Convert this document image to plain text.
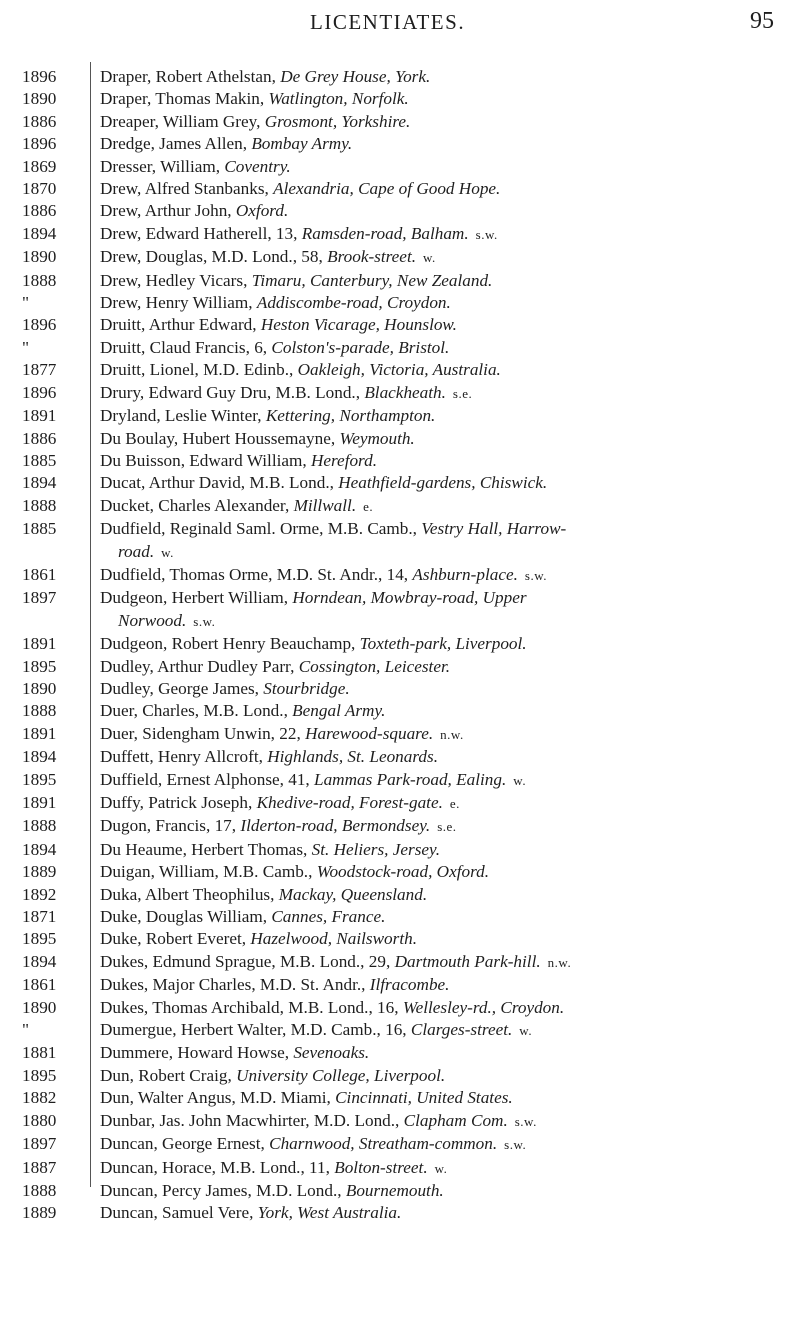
LICENTIATES.	95
1896	Draper, Robert Athelstan, De Grey House, York.
1890	Draper, Thomas Makin, Watlington, Norfolk.
1886	Dreaper, William Grey, Grosmont, Yorkshire.
1896	Dredge, James Allen, Bombay Army.
1869	Dresser, William, Coventry.
1870	Drew, Alfred Stanbanks, Alexandria, Cape of Good Hope.
1886	Drew, Arthur John, Oxford.
1894	Drew, Edward Hatherell, 13, Ramsden-road, Balham. s.w.
1890	Drew, Douglas, M.D. Lond., 58, Brook-street. w.
1888	Drew, Hedley Vicars, Timaru, Canterbury, New Zealand.
"	Drew, Henry William, Addiscombe-road, Croydon.
1896	Druitt, Arthur Edward, Heston Vicarage, Hounslow.
"	Druitt, Claud Francis, 6, Colston's-parade, Bristol.
1877	Druitt, Lionel, M.D. Edinb., Oakleigh, Victoria, Australia.
1896	Drury, Edward Guy Dru, M.B. Lond., Blackheath. s.e.
1891	Dryland, Leslie Winter, Kettering, Northampton.
1886	Du Boulay, Hubert Houssemayne, Weymouth.
1885	Du Buisson, Edward William, Hereford.
1894	Ducat, Arthur David, M.B. Lond., Heathfield-gardens, Chiswick.
1888	Ducket, Charles Alexander, Millwall. e.
1885	Dudfield, Reginald Saml. Orme, M.B. Camb., Vestry Hall, Harrow-
road. w.
1861	Dudfield, Thomas Orme, M.D. St. Andr., 14, Ashburn-place. s.w.
1897	Dudgeon, Herbert William, Horndean, Mowbray-road, Upper
Norwood. s.w.
1891	Dudgeon, Robert Henry Beauchamp, Toxteth-park, Liverpool.
1895	Dudley, Arthur Dudley Parr, Cossington, Leicester.
1890	Dudley, George James, Stourbridge.
1888	Duer, Charles, M.B. Lond., Bengal Army.
1891	Duer, Sidengham Unwin, 22, Harewood-square. n.w.
1894	Duffett, Henry Allcroft, Highlands, St. Leonards.
1895	Duffield, Ernest Alphonse, 41, Lammas Park-road, Ealing. w.
1891	Duffy, Patrick Joseph, Khedive-road, Forest-gate. e.
1888	Dugon, Francis, 17, Ilderton-road, Bermondsey. s.e.
1894	Du Heaume, Herbert Thomas, St. Heliers, Jersey.
1889	Duigan, William, M.B. Camb., Woodstock-road, Oxford.
1892	Duka, Albert Theophilus, Mackay, Queensland.
1871	Duke, Douglas William, Cannes, France.
1895	Duke, Robert Everet, Hazelwood, Nailsworth.
1894	Dukes, Edmund Sprague, M.B. Lond., 29, Dartmouth Park-hill. n.w.
1861	Dukes, Major Charles, M.D. St. Andr., Ilfracombe.
1890	Dukes, Thomas Archibald, M.B. Lond., 16, Wellesley-rd., Croydon.
"	Dumergue, Herbert Walter, M.D. Camb., 16, Clarges-street. w.
1881	Dummere, Howard Howse, Sevenoaks.
1895	Dun, Robert Craig, University College, Liverpool.
1882	Dun, Walter Angus, M.D. Miami, Cincinnati, United States.
1880	Dunbar, Jas. John Macwhirter, M.D. Lond., Clapham Com. s.w.
1897	Duncan, George Ernest, Charnwood, Streatham-common. s.w.
1887	Duncan, Horace, M.B. Lond., 11, Bolton-street. w.
1888	Duncan, Percy James, M.D. Lond., Bournemouth.
1889	Duncan, Samuel Vere, York, West Australia.
